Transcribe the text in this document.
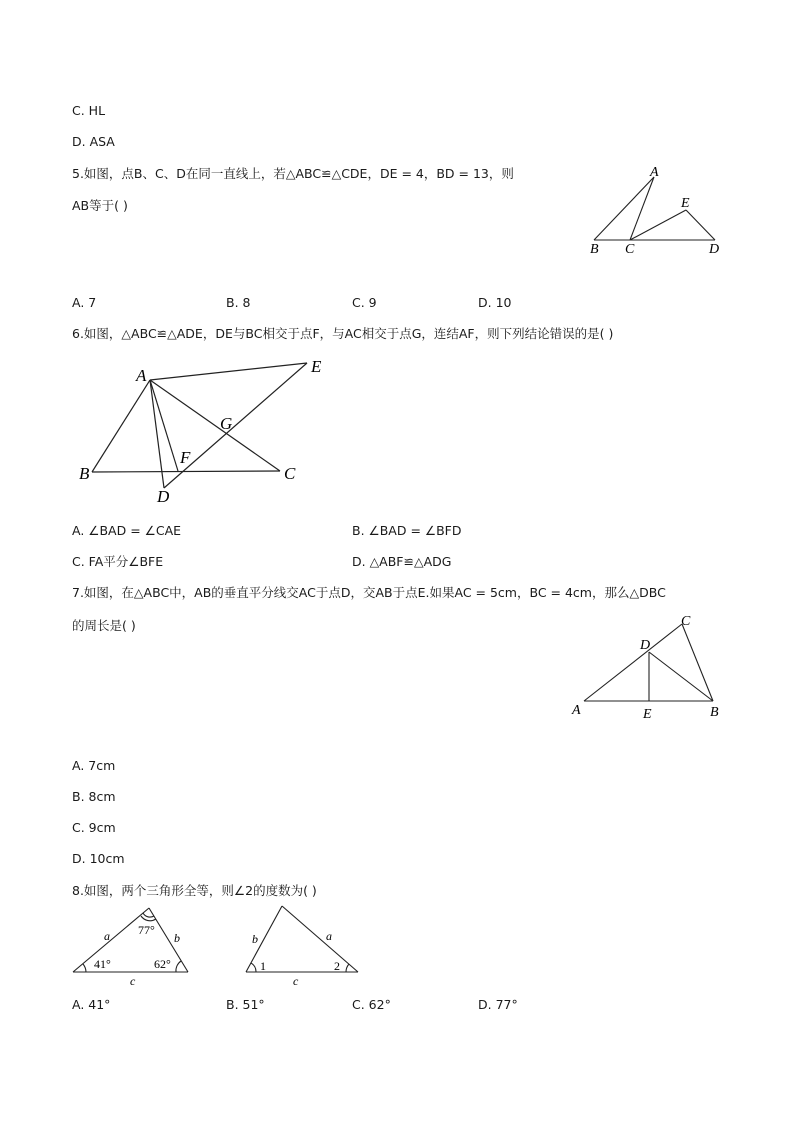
C. HL
D. ASA
5.如图，点B、C、D在同一直线上，若△ABC≌△CDE，DE = 4，BD = 13，则
AB等于( )
A
B C	D
E
A. 7	B. 8	C. 9	D. 10
6.如图，△ABC≌△ADE，DE与BC相交于点F，与AC相交于点G，连结AF，则下列结论错误的是( )
A
B	C
D
E
F
G
A. ∠BAD = ∠CAE	B. ∠BAD = ∠BFD
C. FA平分∠BFE	D. △ABF≌△ADG
7.如图，在△ABC中，AB的垂直平分线交AC于点D，交AB于点E.如果AC = 5cm，BC = 4cm，那么△DBC
的周长是( )
A	B
C
D
E
A. 7cm
B. 8cm
C. 9cm
D. 10cm
8.如图，两个三角形全等，则∠2的度数为( )
a	b
c
77°
41°	62°
b	a
c
1	2
A. 41°	B. 51°	C. 62°	D. 77°
